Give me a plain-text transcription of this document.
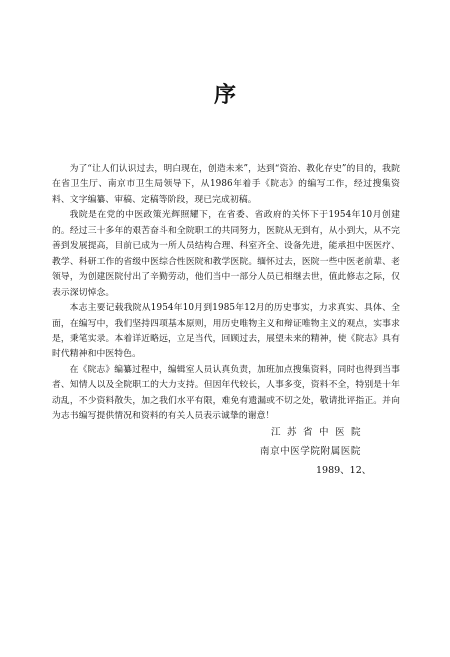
序

为了“让人们认识过去，明白现在，创造未来”，达到“资治、教化存史”的目的，我院在省卫生厅、南京市卫生局领导下，从1986年着手《院志》的编写工作，经过搜集资料、文字编纂、审稿、定稿等阶段，现已完成初稿。

我院是在党的中医政策光辉照耀下，在省委、省政府的关怀下于1954年10月创建的。经过三十多年的艰苦奋斗和全院职工的共同努力，医院从无到有，从小到大，从不完善到发展提高，目前已成为一所人员结构合理、科室齐全、设备先进，能承担中医医疗、教学、科研工作的省级中医综合性医院和教学医院。缅怀过去，医院一些中医老前辈、老领导，为创建医院付出了辛勤劳动，他们当中一部分人员已相继去世，值此修志之际，仅表示深切悼念。

本志主要记载我院从1954年10月到1985年12月的历史事实，力求真实、具体、全面，在编写中，我们坚持四项基本原则，用历史唯物主义和辩证唯物主义的观点，实事求是，秉笔实录。本着详近略远，立足当代，回顾过去，展望未来的精神，使《院志》具有时代精神和中医特色。

在《院志》编纂过程中，编辑室人员认真负责，加班加点搜集资料，同时也得到当事者、知情人以及全院职工的大力支持。但因年代较长，人事多变，资料不全，特别是十年动乱，不少资料散失，加之我们水平有限，难免有遗漏或不切之处，敬请批评指正。并向为志书编写提供情况和资料的有关人员表示诚挚的谢意！

江苏省中医院
南京中医学院附属医院
1989、12、
